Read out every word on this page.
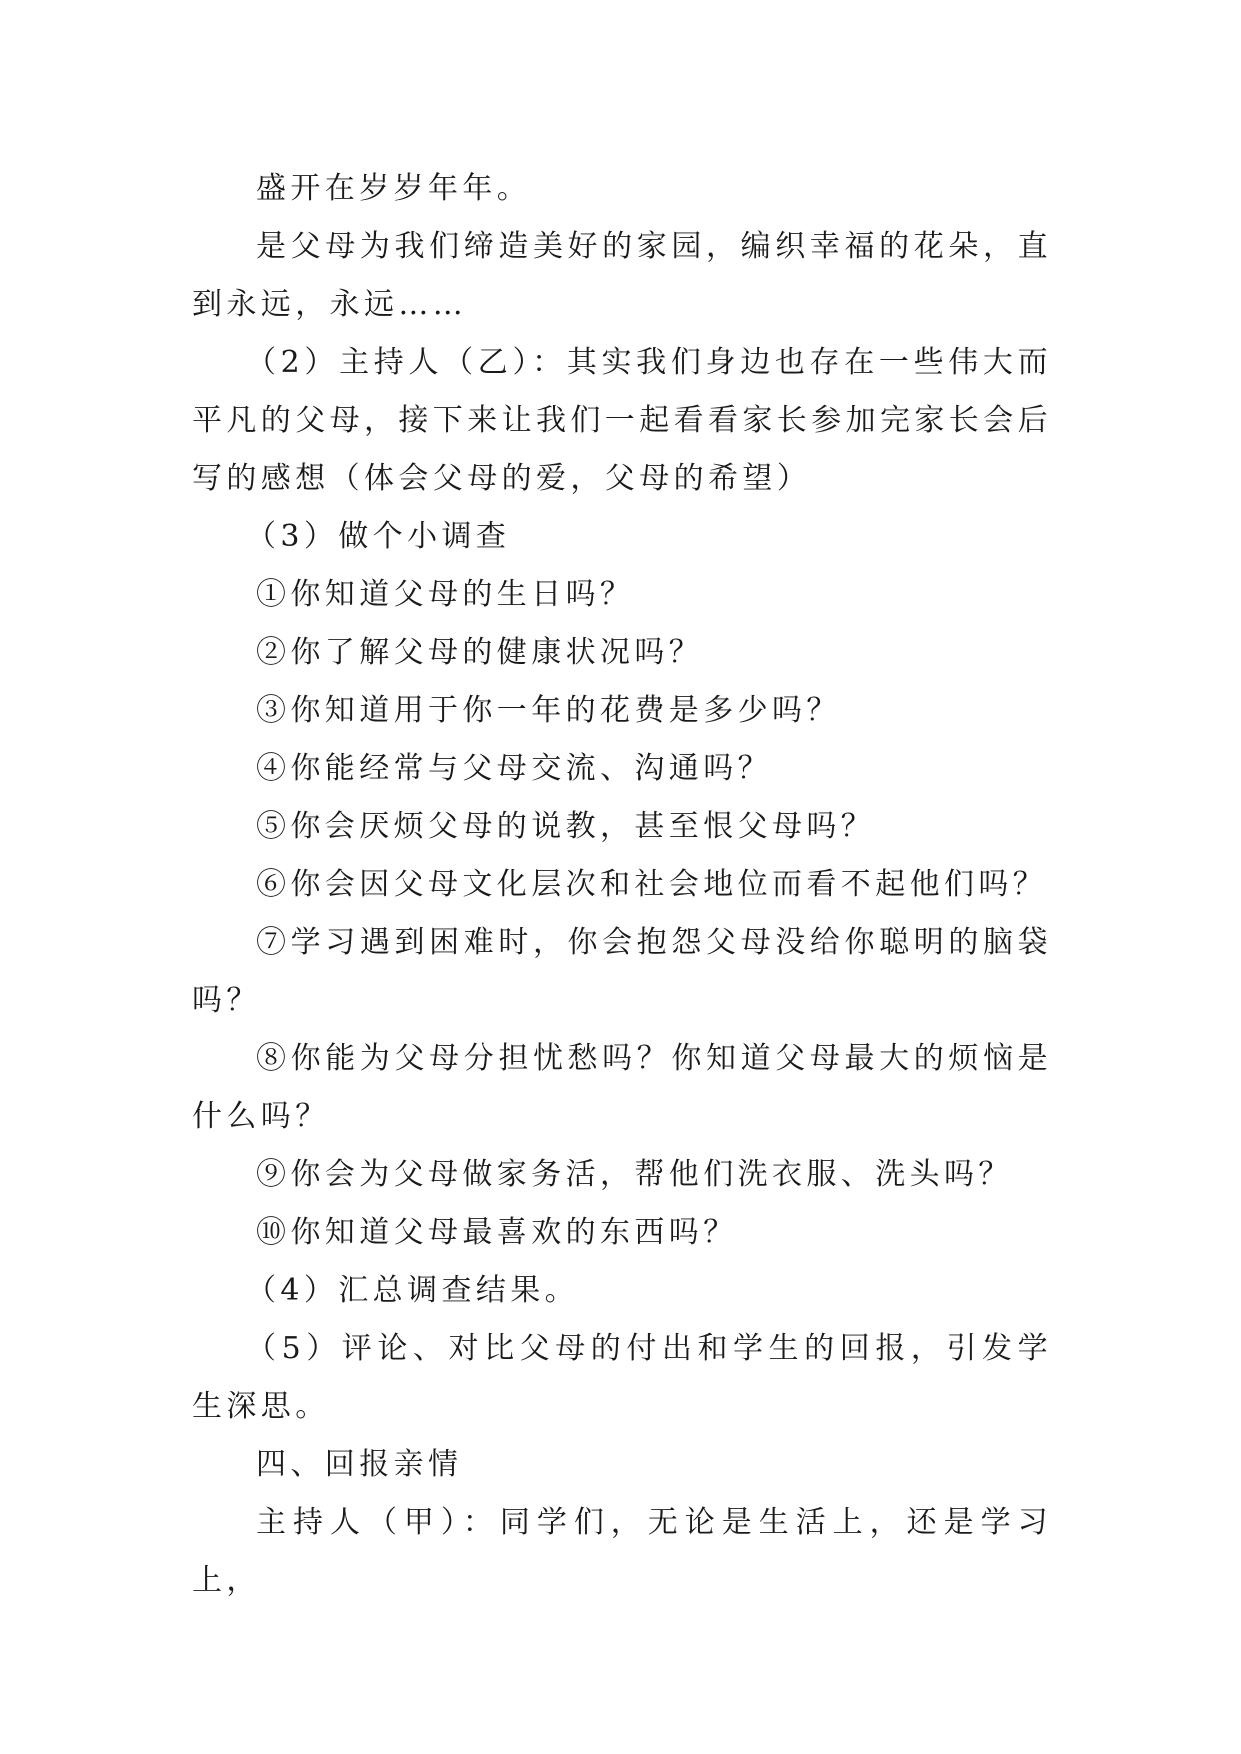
盛开在岁岁年年。

是父母为我们缔造美好的家园，编织幸福的花朵，直到永远，永远……

（2）主持人（乙）：其实我们身边也存在一些伟大而平凡的父母，接下来让我们一起看看家长参加完家长会后写的感想（体会父母的爱，父母的希望）

（3）做个小调查

①你知道父母的生日吗？

②你了解父母的健康状况吗？

③你知道用于你一年的花费是多少吗？

④你能经常与父母交流、沟通吗？

⑤你会厌烦父母的说教，甚至恨父母吗？

⑥你会因父母文化层次和社会地位而看不起他们吗？

⑦学习遇到困难时，你会抱怨父母没给你聪明的脑袋吗？

⑧你能为父母分担忧愁吗？你知道父母最大的烦恼是什么吗？

⑨你会为父母做家务活，帮他们洗衣服、洗头吗？

⑩你知道父母最喜欢的东西吗？

（4）汇总调查结果。

（5）评论、对比父母的付出和学生的回报，引发学生深思。

四、回报亲情

主持人（甲）：同学们，无论是生活上，还是学习上，
